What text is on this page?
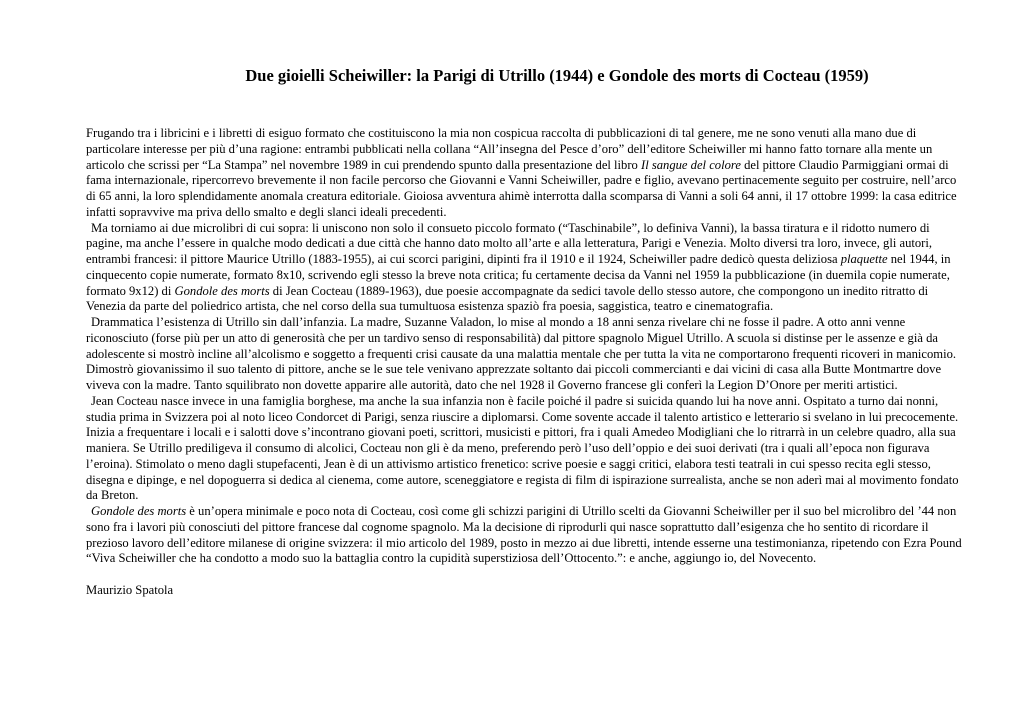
Due gioielli Scheiwiller: la Parigi di Utrillo (1944) e Gondole des morts di Cocteau (1959)

Frugando tra i libricini e i libretti di esiguo formato che costituiscono la mia non cospicua raccolta di pubblicazioni di tal genere, me ne sono venuti alla mano due di particolare interesse per più d’una ragione: entrambi pubblicati nella collana “All’insegna del Pesce d’oro” dell’editore Scheiwiller mi hanno fatto tornare alla mente un articolo che scrissi per “La Stampa” nel novembre 1989 in cui prendendo spunto dalla presentazione del libro Il sangue del colore del pittore Claudio Parmiggiani ormai di fama internazionale, ripercorrevo brevemente il non facile percorso che Giovanni e Vanni Scheiwiller, padre e figlio, avevano pertinacemente seguito per costruire, nell’arco di 65 anni, la loro splendidamente anomala creatura editoriale. Gioiosa avventura ahimè interrotta dalla scomparsa di Vanni a soli 64 anni, il 17 ottobre 1999: la casa editrice infatti sopravvive ma priva dello smalto e degli slanci ideali precedenti.

Ma torniamo ai due microlibri di cui sopra: li uniscono non solo il consueto piccolo formato (“Taschinabile”, lo definiva Vanni), la bassa tiratura e il ridotto numero di pagine, ma anche l’essere in qualche modo dedicati a due città che hanno dato molto all’arte e alla letteratura, Parigi e Venezia. Molto diversi tra loro, invece, gli autori, entrambi francesi: il pittore Maurice Utrillo (1883-1955), ai cui scorci parigini, dipinti fra il 1910 e il 1924, Scheiwiller padre dedicò questa deliziosa plaquette nel 1944, in cinquecento copie numerate, formato 8x10, scrivendo egli stesso la breve nota critica; fu certamente decisa da Vanni nel 1959 la pubblicazione (in duemila copie numerate, formato 9x12) di Gondole des morts di Jean Cocteau (1889-1963), due poesie accompagnate da sedici tavole dello stesso autore, che compongono un inedito ritratto di Venezia da parte del poliedrico artista, che nel corso della sua tumultuosa esistenza spaziò fra poesia, saggistica, teatro e cinematografia.

Drammatica l’esistenza di Utrillo sin dall’infanzia. La madre, Suzanne Valadon, lo mise al mondo a 18 anni senza rivelare chi ne fosse il padre. A otto anni venne riconosciuto (forse più per un atto di generosità che per un tardivo senso di responsabilità) dal pittore spagnolo Miguel Utrillo. A scuola si distinse per le assenze e già da adolescente si mostrò incline all’alcolismo e soggetto a frequenti crisi causate da una malattia mentale che per tutta la vita ne comportarono frequenti ricoveri in manicomio. Dimostrò giovanissimo il suo talento di pittore, anche se le sue tele venivano apprezzate soltanto dai piccoli commercianti e dai vicini di casa alla Butte Montmartre dove viveva con la madre. Tanto squilibrato non dovette apparire alle autorità, dato che nel 1928 il Governo francese gli conferì la Legion D’Onore per meriti artistici.

Jean Cocteau nasce invece in una famiglia borghese, ma anche la sua infanzia non è facile poiché il padre si suicida quando lui ha nove anni. Ospitato a turno dai nonni, studia prima in Svizzera poi al noto liceo Condorcet di Parigi, senza riuscire a diplomarsi. Come sovente accade il talento artistico e letterario si svelano in lui precocemente. Inizia a frequentare i locali e i salotti dove s’incontrano giovani poeti, scrittori, musicisti e pittori, fra i quali Amedeo Modigliani che lo ritrarrà in un celebre quadro, alla sua maniera. Se Utrillo prediligeva il consumo di alcolici, Cocteau non gli è da meno, preferendo però l’uso dell’oppio e dei suoi derivati (tra i quali all’epoca non figurava l’eroina). Stimolato o meno dagli stupefacenti, Jean è di un attivismo artistico frenetico: scrive poesie e saggi critici, elabora testi teatrali in cui spesso recita egli stesso, disegna e dipinge, e nel dopoguerra si dedica al cienema, come autore, sceneggiatore e regista di film di ispirazione surrealista, anche se non aderì mai al movimento fondato da Breton.

Gondole des morts è un’opera minimale e poco nota di Cocteau, così come gli schizzi parigini di Utrillo scelti da Giovanni Scheiwiller per il suo bel microlibro del ’44 non sono fra i lavori più conosciuti del pittore francese dal cognome spagnolo. Ma la decisione di riprodurli qui nasce soprattutto dall’esigenza che ho sentito di ricordare il prezioso lavoro dell’editore milanese di origine svizzera: il mio articolo del 1989, posto in mezzo ai due libretti, intende esserne una testimonianza, ripetendo con Ezra Pound “Viva Scheiwiller che ha condotto a modo suo la battaglia contro la cupidità superstiziosa dell’Ottocento.”: e anche, aggiungo io, del Novecento.

Maurizio Spatola
